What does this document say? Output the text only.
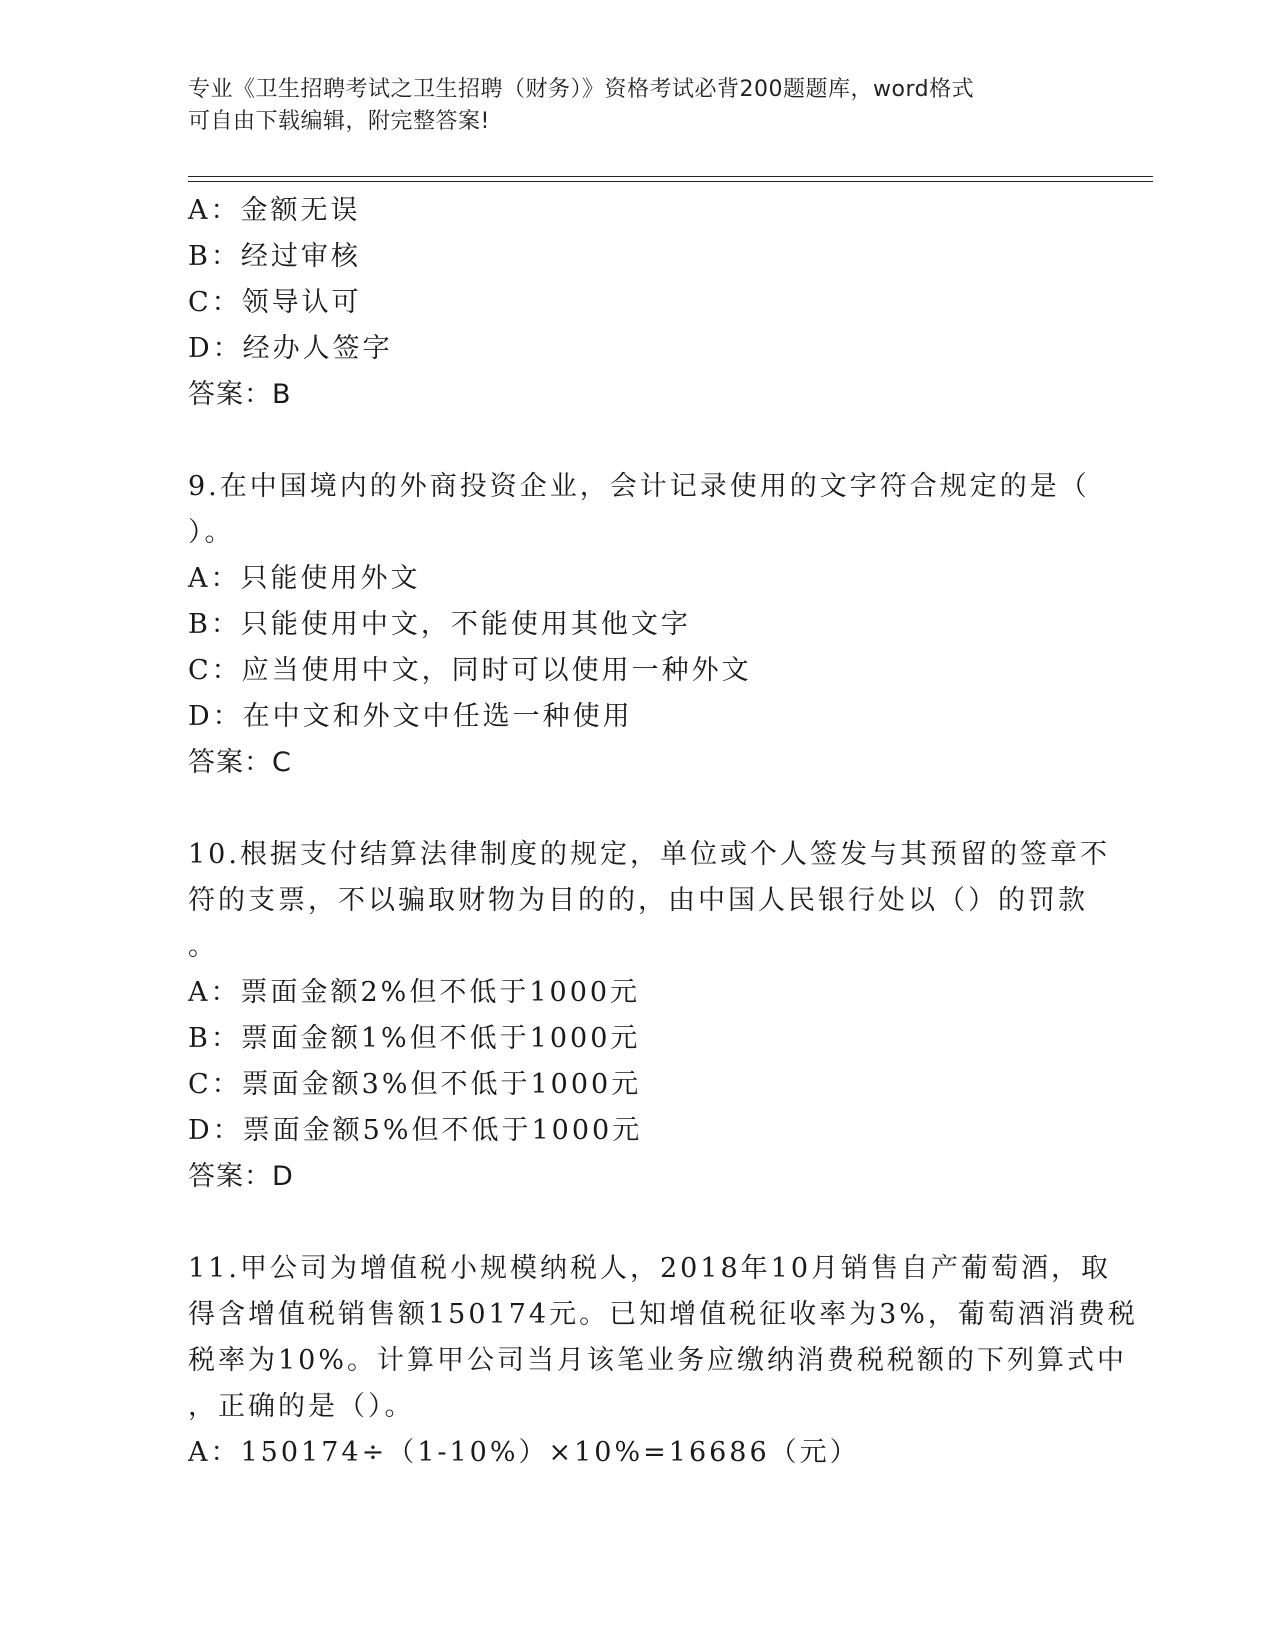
专业《卫生招聘考试之卫生招聘（财务）》资格考试必背200题题库，word格式
可自由下载编辑，附完整答案!
A：金额无误
B：经过审核
C：领导认可
D：经办人签字
答案：B
9.在中国境内的外商投资企业，会计记录使用的文字符合规定的是（
）。
A：只能使用外文
B：只能使用中文，不能使用其他文字
C：应当使用中文，同时可以使用一种外文
D：在中文和外文中任选一种使用
答案：C
10.根据支付结算法律制度的规定，单位或个人签发与其预留的签章不
符的支票，不以骗取财物为目的的，由中国人民银行处以（）的罚款
。
A：票面金额2%但不低于1000元
B：票面金额1%但不低于1000元
C：票面金额3%但不低于1000元
D：票面金额5%但不低于1000元
答案：D
11.甲公司为增值税小规模纳税人，2018年10月销售自产葡萄酒，取
得含增值税销售额150174元。已知增值税征收率为3%，葡萄酒消费税
税率为10%。计算甲公司当月该笔业务应缴纳消费税税额的下列算式中
，正确的是（）。
A：150174÷（1-10%）×10%=16686（元）
